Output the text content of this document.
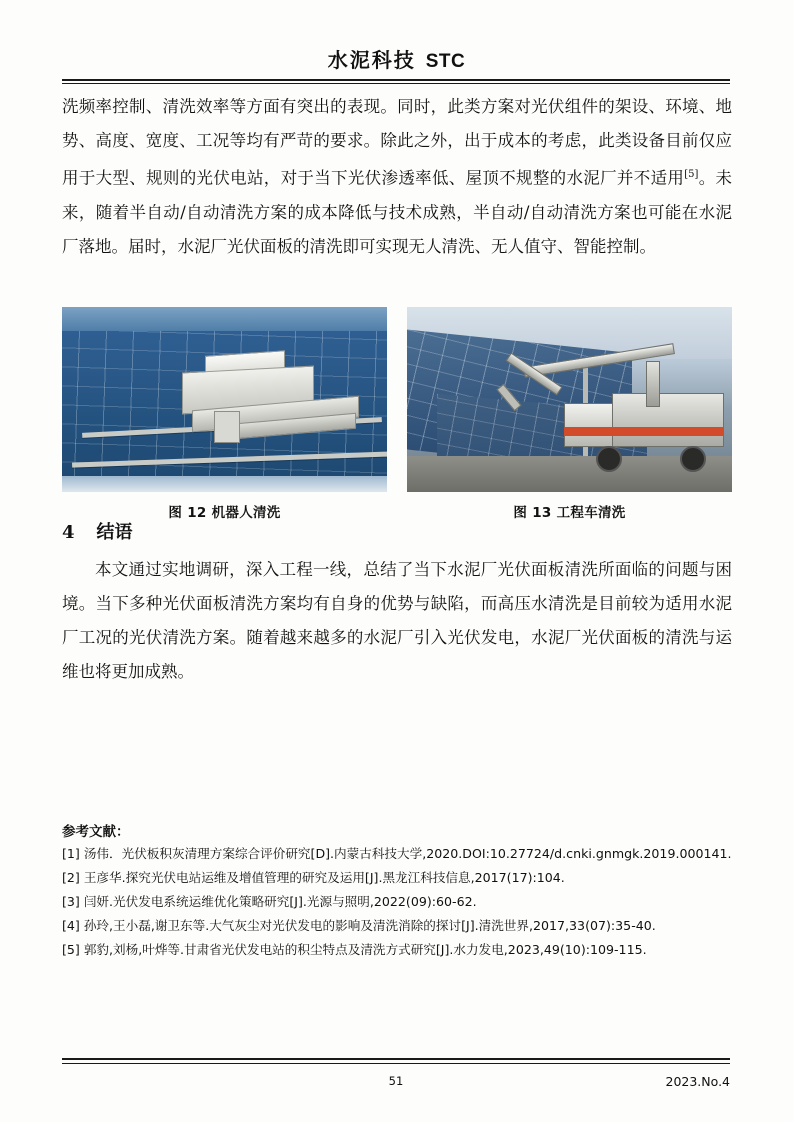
水泥科技 STC

洗频率控制、清洗效率等方面有突出的表现。同时，此类方案对光伏组件的架设、环境、地势、高度、宽度、工况等均有严苛的要求。除此之外，出于成本的考虑，此类设备目前仅应用于大型、规则的光伏电站，对于当下光伏渗透率低、屋顶不规整的水泥厂并不适用[5]。未来，随着半自动/自动清洗方案的成本降低与技术成熟，半自动/自动清洗方案也可能在水泥厂落地。届时，水泥厂光伏面板的清洗即可实现无人清洗、无人值守、智能控制。

图 12 机器人清洗	图 13 工程车清洗
4 结语

本文通过实地调研，深入工程一线，总结了当下水泥厂光伏面板清洗所面临的问题与困境。当下多种光伏面板清洗方案均有自身的优势与缺陷，而高压水清洗是目前较为适用水泥厂工况的光伏清洗方案。随着越来越多的水泥厂引入光伏发电，水泥厂光伏面板的清洗与运维也将更加成熟。

参考文献：
[1] 汤伟．光伏板积灰清理方案综合评价研究[D].内蒙古科技大学,2020.DOI:10.27724/d.cnki.gnmgk.2019.000141.
[2] 王彦华.探究光伏电站运维及增值管理的研究及运用[J].黑龙江科技信息,2017(17):104.
[3] 闫妍.光伏发电系统运维优化策略研究[J].光源与照明,2022(09):60-62.
[4] 孙玲,王小磊,谢卫东等.大气灰尘对光伏发电的影响及清洗消除的探讨[J].清洗世界,2017,33(07):35-40.
[5] 郭豹,刘杨,叶烨等.甘肃省光伏发电站的积尘特点及清洗方式研究[J].水力发电,2023,49(10):109-115.
51	2023.No.4
